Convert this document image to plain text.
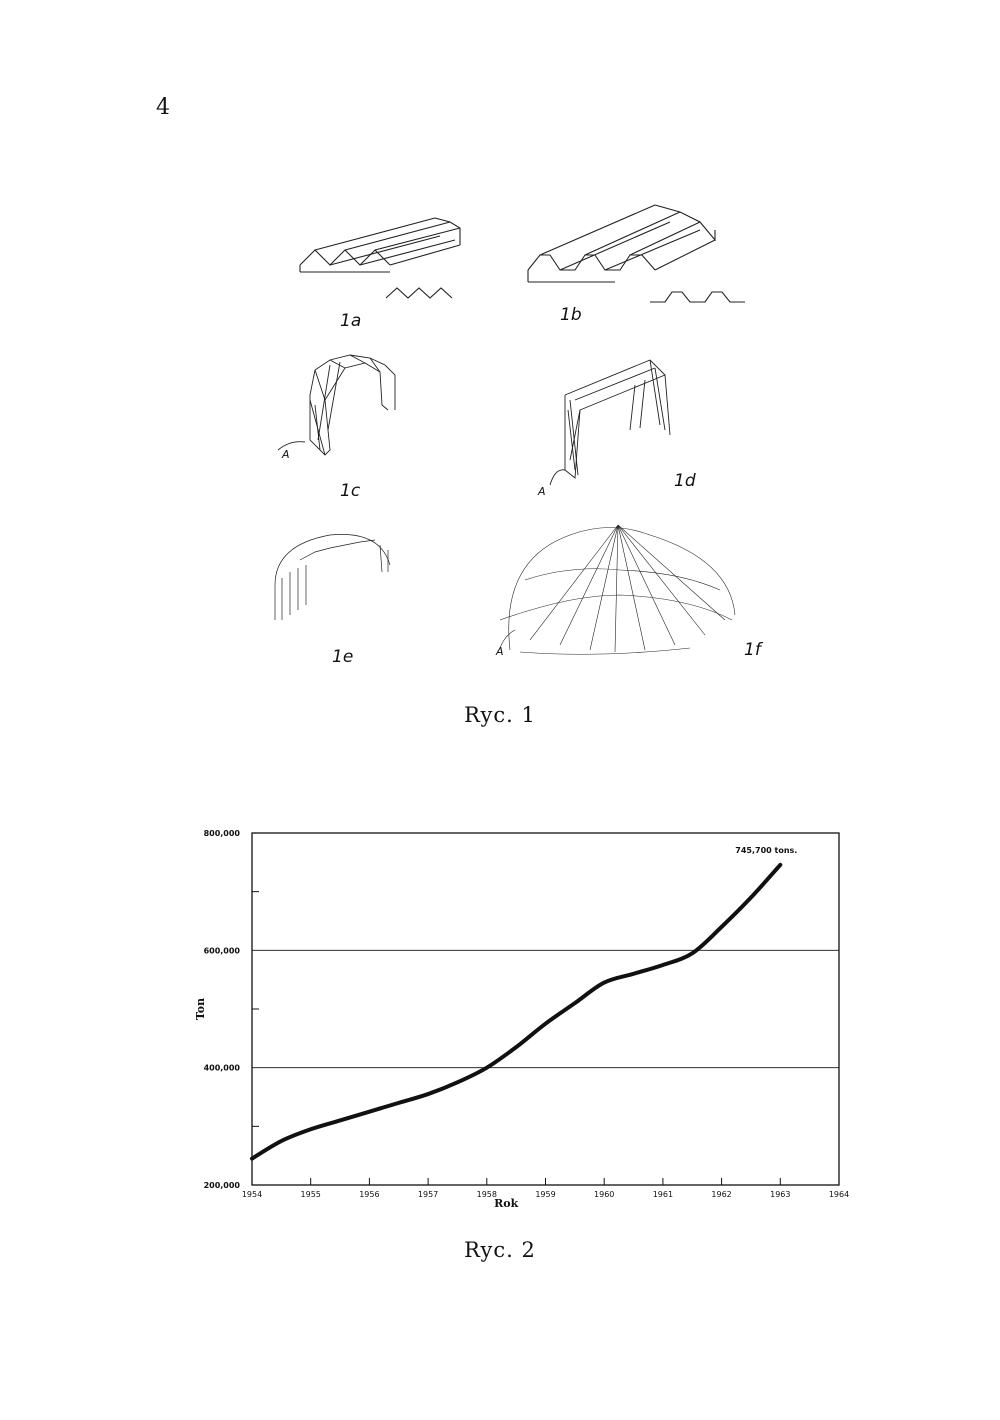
4
1a	1b
1c	1d
1e	1f
A
A
A
Ryc. 1
200,000
400,000
600,000
800,000
1954	1955	1956	1957	1958	1959	1960	1961	1962	1963	1964
745,700 tons.
Rok
Ton
Ryc. 2
